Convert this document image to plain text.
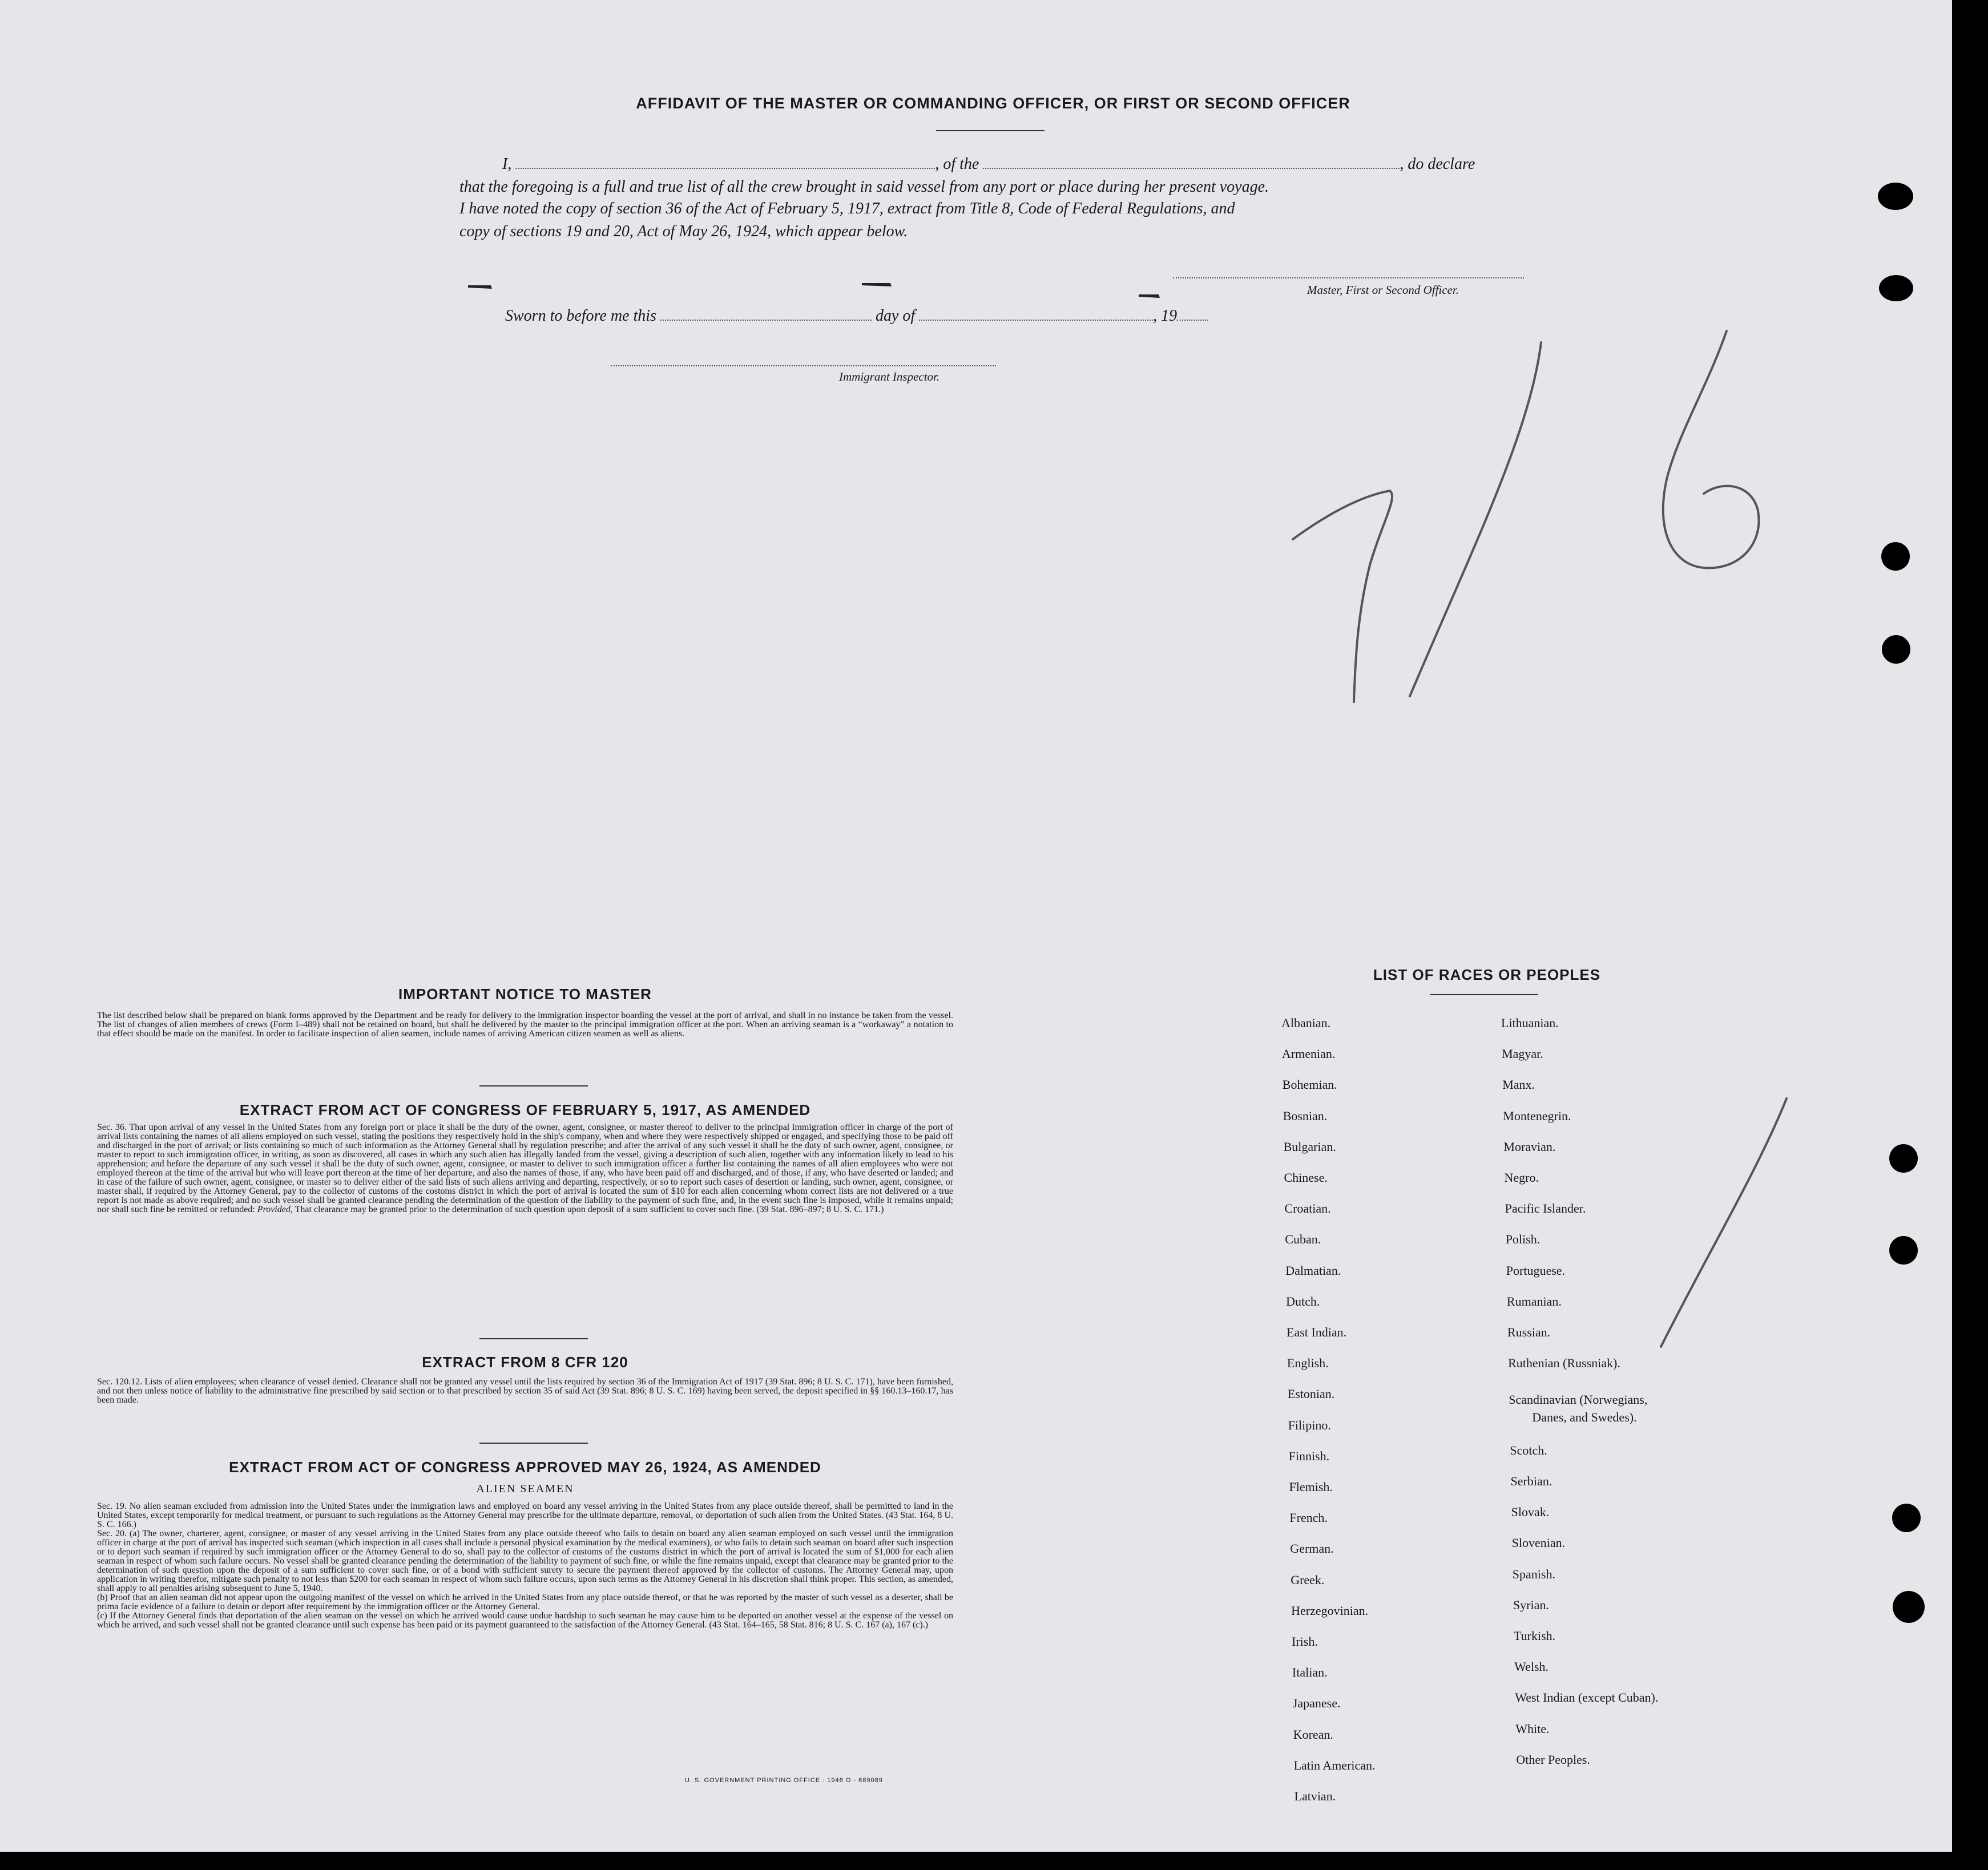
AFFIDAVIT OF THE MASTER OR COMMANDING OFFICER, OR FIRST OR SECOND OFFICER
I,	, of the	, do declare
that the foregoing is a full and true list of all the crew brought in said vessel from any port or place during her present voyage.
I have noted the copy of section 36 of the Act of February 5, 1917, extract from Title 8, Code of Federal Regulations, and
copy of sections 19 and 20, Act of May 26, 1924, which appear below.
Master, First or Second Officer.
Sworn to before me this	day of	, 19
Immigrant Inspector.
IMPORTANT NOTICE TO MASTER
The list described below shall be prepared on blank forms approved by the Department and be ready for delivery to the immigration inspector boarding the vessel at the port of arrival, and shall in no instance be taken from the vessel. The list of changes of alien members of crews (Form I–489) shall not be retained on board, but shall be delivered by the master to the principal immigration officer at the port. When an arriving seaman is a “workaway” a notation to that effect should be made on the manifest. In order to facilitate inspection of alien seamen, include names of arriving American citizen seamen as well as aliens.
EXTRACT FROM ACT OF CONGRESS OF FEBRUARY 5, 1917, AS AMENDED
Sec. 36. That upon arrival of any vessel in the United States from any foreign port or place it shall be the duty of the owner, agent, consignee, or master thereof to deliver to the principal immigration officer in charge of the port of arrival lists containing the names of all aliens employed on such vessel, stating the positions they respectively hold in the ship's company, when and where they were respectively shipped or engaged, and specifying those to be paid off and discharged in the port of arrival; or lists containing so much of such information as the Attorney General shall by regulation prescribe; and after the arrival of any such vessel it shall be the duty of such owner, agent, consignee, or master to report to such immigration officer, in writing, as soon as discovered, all cases in which any such alien has illegally landed from the vessel, giving a description of such alien, together with any information likely to lead to his apprehension; and before the departure of any such vessel it shall be the duty of such owner, agent, consignee, or master to deliver to such immigration officer a further list containing the names of all alien employees who were not employed thereon at the time of the arrival but who will leave port thereon at the time of her departure, and also the names of those, if any, who have been paid off and discharged, and of those, if any, who have deserted or landed; and in case of the failure of such owner, agent, consignee, or master so to deliver either of the said lists of such aliens arriving and departing, respectively, or so to report such cases of desertion or landing, such owner, agent, consignee, or master shall, if required by the Attorney General, pay to the collector of customs of the costoms district in which the port of arrival is located the sum of $10 for each alien concerning whom correct lists are not delivered or a true report is not made as above required; and no such vessel shall be granted clearance pending the determination of the question of the liability to the payment of such fine, and, in the event such fine is imposed, while it remains unpaid; nor shall such fine be remitted or refunded: Provided, That clearance may be granted prior to the determination of such question upon deposit of a sum sufficient to cover such fine. (39 Stat. 896–897; 8 U. S. C. 171.)
EXTRACT FROM 8 CFR 120
Sec. 120.12. Lists of alien employees; when clearance of vessel denied. Clearance shall not be granted any vessel until the lists required by section 36 of the Immigration Act of 1917 (39 Stat. 896; 8 U. S. C. 171), have been furnished, and not then unless notice of liability to the administrative fine prescribed by said section or to that prescribed by section 35 of said Act (39 Stat. 896; 8 U. S. C. 169) having been served, the deposit specified in §§ 160.13–160.17, has been made.
EXTRACT FROM ACT OF CONGRESS APPROVED MAY 26, 1924, AS AMENDED
ALIEN SEAMEN
Sec. 19. No alien seaman excluded from admission into the United States under the immigration laws and employed on board any vessel arriving in the United States from any place outside thereof, shall be permitted to land in the United States, except temporarily for medical treatment, or pursuant to such regulations as the Attorney General may prescribe for the ultimate departure, removal, or deportation of such alien from the United States. (43 Stat. 164, 8 U. S. C. 166.)
Sec. 20. (a) The owner, charterer, agent, consignee, or master of any vessel arriving in the United States from any place outside thereof who fails to detain on board any alien seaman employed on such vessel until the immigration officer in charge at the port of arrival has inspected such seaman (which inspection in all cases shall include a personal physical examination by the medical examiners), or who fails to detain such seaman on board after such inspection or to deport such seaman if required by such immigration officer or the Attorney General to do so, shall pay to the collector of customs of the customs district in which the port of arrival is located the sum of $1,000 for each alien seaman in respect of whom such failure occurs. No vessel shall be granted clearance pending the determination of the liability to payment of such fine, or while the fine remains unpaid, except that clearance may be granted prior to the determination of such question upon the deposit of a sum sufficient to cover such fine, or of a bond with sufficient surety to secure the payment thereof approved by the collector of customs. The Attorney General may, upon application in writing therefor, mitigate such penalty to not less than $200 for each seaman in respect of whom such failure occurs, upon such terms as the Attorney General in his discretion shall think proper. This section, as amended, shall apply to all penalties arising subsequent to June 5, 1940.
(b) Proof that an alien seaman did not appear upon the outgoing manifest of the vessel on which he arrived in the United States from any place outside thereof, or that he was reported by the master of such vessel as a deserter, shall be prima facie evidence of a failure to detain or deport after requirement by the immigration officer or the Attorney General.
(c) If the Attorney General finds that deportation of the alien seaman on the vessel on which he arrived would cause undue hardship to such seaman he may cause him to be deported on another vessel at the expense of the vessel on which he arrived, and such vessel shall not be granted clearance until such expense has been paid or its payment guaranteed to the satisfaction of the Attorney General. (43 Stat. 164–165, 58 Stat. 816; 8 U. S. C. 167 (a), 167 (c).)
U. S. GOVERNMENT PRINTING OFFICE : 1946 O - 689089
LIST OF RACES OR PEOPLES
Albanian.
Armenian.
Bohemian.
Bosnian.
Bulgarian.
Chinese.
Croatian.
Cuban.
Dalmatian.
Dutch.
East Indian.
English.
Estonian.
Filipino.
Finnish.
Flemish.
French.
German.
Greek.
Herzegovinian.
Irish.
Italian.
Japanese.
Korean.
Latin American.
Latvian.
Lithuanian.
Magyar.
Manx.
Montenegrin.
Moravian.
Negro.
Pacific Islander.
Polish.
Portuguese.
Rumanian.
Russian.
Ruthenian (Russniak).
Scandinavian (Norwegians,
Danes, and Swedes).
Scotch.
Serbian.
Slovak.
Slovenian.
Spanish.
Syrian.
Turkish.
Welsh.
West Indian (except Cuban).
White.
Other Peoples.
